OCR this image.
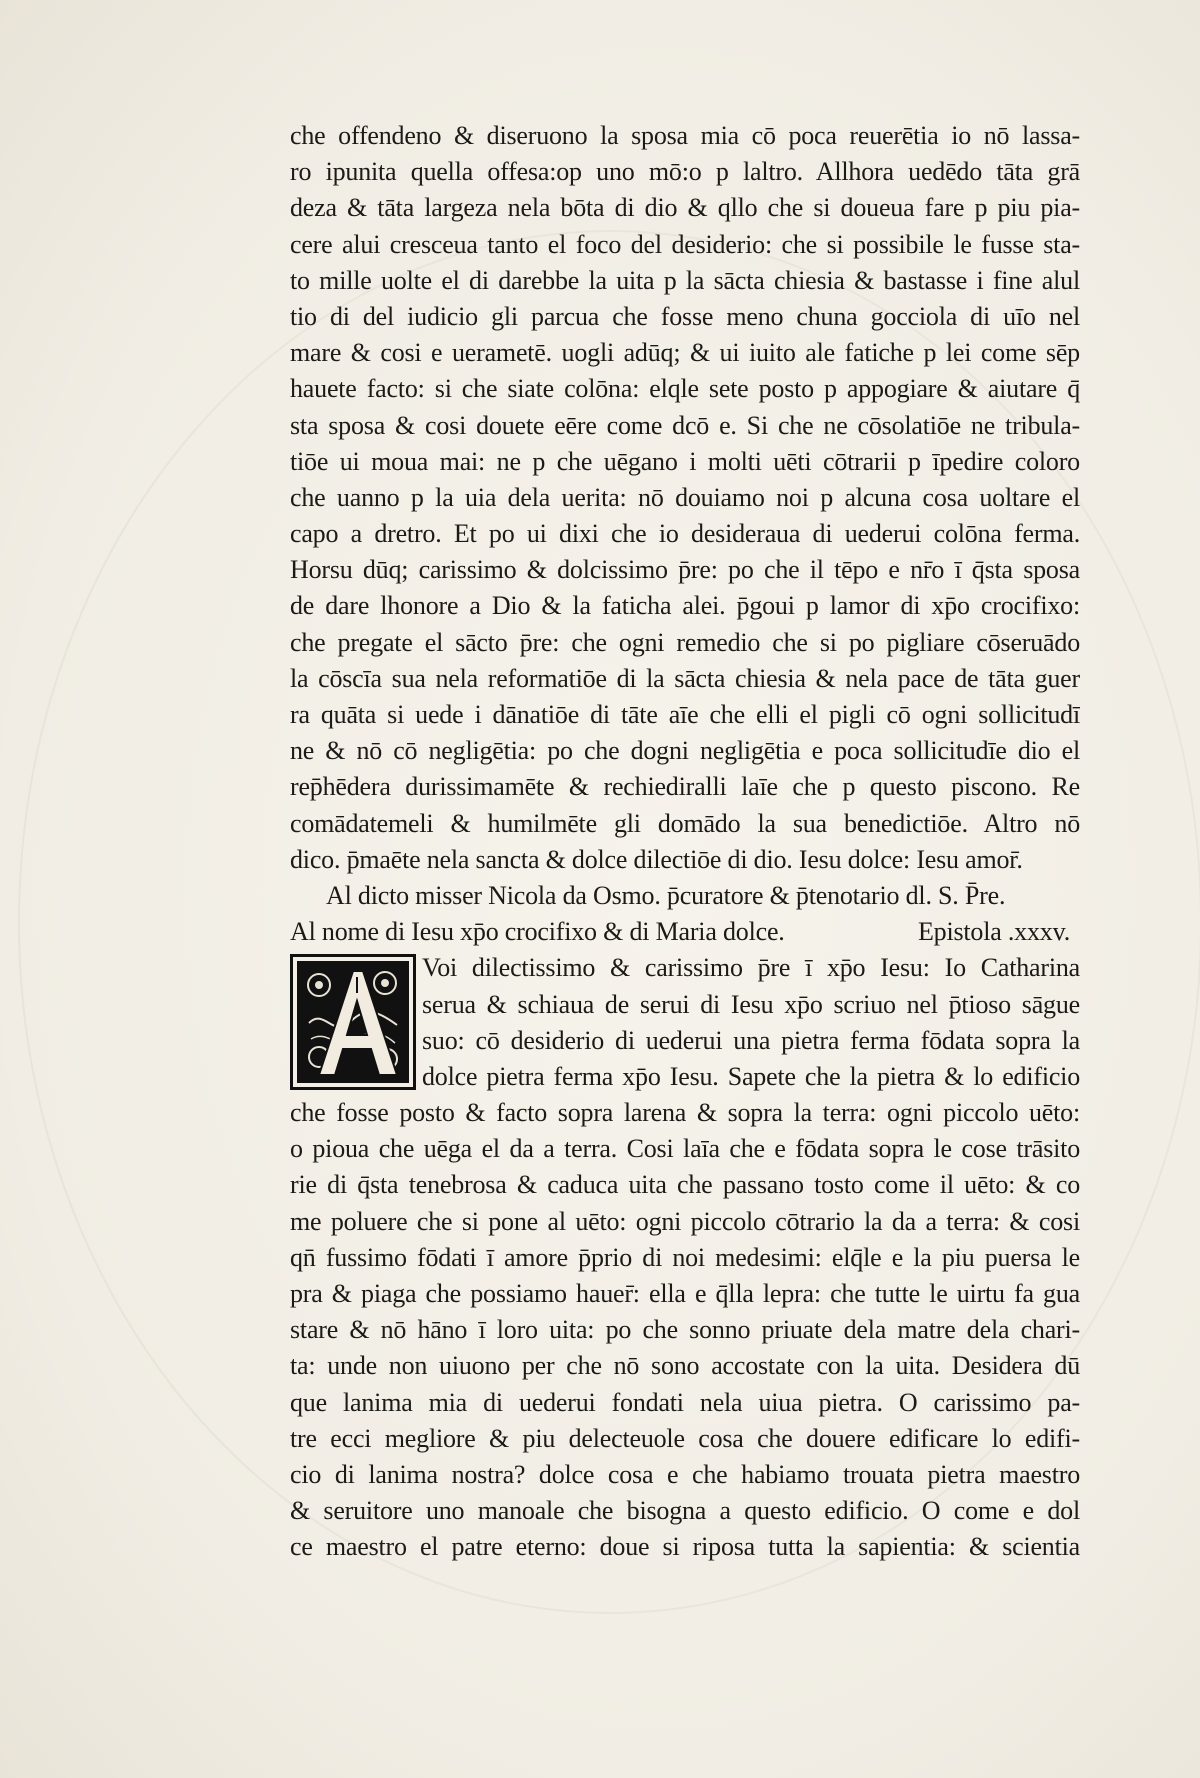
che offendeno & diseruono la sposa mia cō poca reuerētia io nō lassa‐
ro ipunita quella offesa:op uno mō:o p laltro. Allhora uedēdo tāta grā
deza & tāta largeza nela bōta di dio & qllo che si doueua fare p piu pia‐
cere alui cresceua tanto el foco del desiderio: che si possibile le fusse sta‐
to mille uolte el di darebbe la uita p la sācta chiesia & bastasse i fine alul
tio di del iudicio gli parcua che fosse meno chuna gocciola di uīo nel
mare & cosi e uerametē. uogli adūq; & ui iuito ale fatiche p lei come sēp
hauete facto: si che siate colōna: elqle sete posto p appogiare & aiutare q̄
sta sposa & cosi douete eēre come dcō e. Si che ne cōsolatiōe ne tribula‐
tiōe ui moua mai: ne p che uēgano i molti uēti cōtrarii p īpedire coloro
che uanno p la uia dela uerita: nō douiamo noi p alcuna cosa uoltare el
capo a dretro. Et po ui dixi che io desideraua di uederui colōna ferma.
Horsu dūq; carissimo & dolcissimo p̄re: po che il tēpo e nr̄o ī q̄sta sposa
de dare lhonore a Dio & la faticha alei. p̄goui p lamor di xp̄o crocifixo:
che pregate el sācto p̄re: che ogni remedio che si po pigliare cōseruādo
la cōscīa sua nela reformatiōe di la sācta chiesia & nela pace de tāta guer
ra quāta si uede i dānatiōe di tāte aīe che elli el pigli cō ogni sollicitudī
ne & nō cō negligētia: po che dogni negligētia e poca sollicitudīe dio el
rep̄hēdera durissimamēte & rechiediralli laīe che p questo piscono. Re
comādatemeli & humilmēte gli domādo la sua benedictiōe. Altro nō
dico. p̄maēte nela sancta & dolce dilectiōe di dio. Iesu dolce: Iesu amor̄.
Al dicto misser Nicola da Osmo. p̄curatore & p̄tenotario dl. S. P̄re.
Al nome di Iesu xp̄o crocifixo & di Maria dolce.	Epistola .xxxv.
Voi dilectissimo & carissimo p̄re ī xp̄o Iesu: Io Catharina
serua & schiaua de serui di Iesu xp̄o scriuo nel p̄tioso sāgue
suo: cō desiderio di uederui una pietra ferma fōdata sopra la
dolce pietra ferma xp̄o Iesu. Sapete che la pietra & lo edificio
che fosse posto & facto sopra larena & sopra la terra: ogni piccolo uēto:
o pioua che uēga el da a terra. Cosi laīa che e fōdata sopra le cose trāsito
rie di q̄sta tenebrosa & caduca uita che passano tosto come il uēto: & co
me poluere che si pone al uēto: ogni piccolo cōtrario la da a terra: & cosi
qn̄ fussimo fōdati ī amore p̄prio di noi medesimi: elq̄le e la piu puersa le
pra & piaga che possiamo hauer̄: ella e q̄lla lepra: che tutte le uirtu fa gua
stare & nō hāno ī loro uita: po che sonno priuate dela matre dela chari‐
ta: unde non uiuono per che nō sono accostate con la uita. Desidera dū
que lanima mia di uederui fondati nela uiua pietra. O carissimo pa‐
tre ecci megliore & piu delecteuole cosa che douere edificare lo edifi‐
cio di lanima nostra? dolce cosa e che habiamo trouata pietra maestro
& seruitore uno manoale che bisogna a questo edificio. O come e dol
ce maestro el patre eterno: doue si riposa tutta la sapientia: & scientia
